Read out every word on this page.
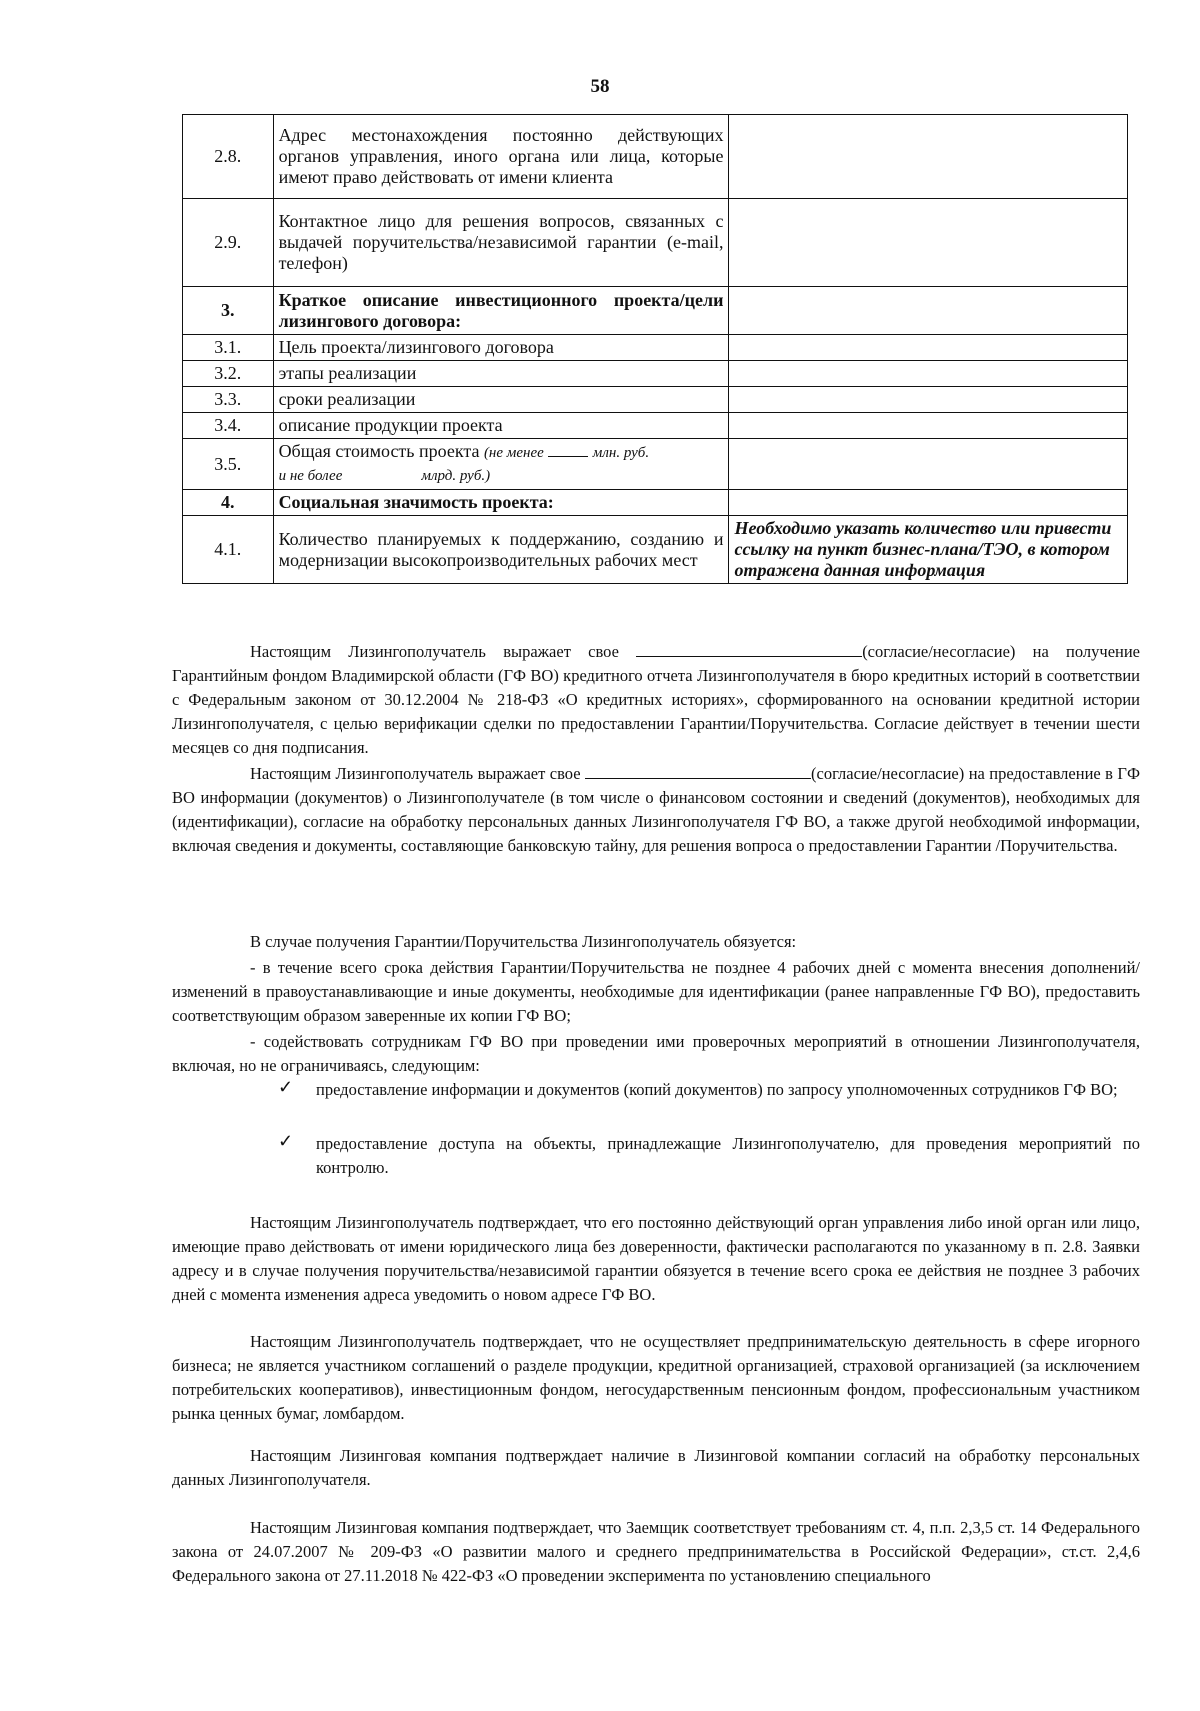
58
2.8.	Адрес местонахождения постоянно действующих органов управления, иного органа или лица, которые имеют право действовать от имени клиента	
2.9.	Контактное лицо для решения вопросов, связанных с выдачей поручительства/независимой гарантии (e-mail, телефон)	
3.	Краткое описание инвестиционного проекта/цели лизингового договора:	
3.1.	Цель проекта/лизингового договора	
3.2.	этапы реализации	
3.3.	сроки реализации	
3.4.	описание продукции проекта	
3.5.	Общая стоимость проекта (не менее млн. руб.
и не более млрд. руб.)	
4.	Социальная значимость проекта:	
4.1.	Количество планируемых к поддержанию, созданию и модернизации высокопроизводительных рабочих мест	Необходимо указать количество или привести ссылку на пункт бизнес-плана/ТЭО, в котором отражена данная информация

Настоящим Лизингополучатель выражает свое	(согласие/несогласие) на получение Гарантийным фондом Владимирской области (ГФ ВО) кредитного отчета Лизингополучателя в бюро кредитных историй в соответствии с Федеральным законом от 30.12.2004 № 218-ФЗ «О кредитных историях», сформированного на основании кредитной истории Лизингополучателя, с целью верификации сделки по предоставлении Гарантии/Поручительства. Согласие действует в течении шести месяцев со дня подписания.

Настоящим Лизингополучатель выражает свое	(согласие/несогласие) на предоставление в ГФ ВО информации (документов) о Лизингополучателе (в том числе о финансовом состоянии и сведений (документов), необходимых для (идентификации), согласие на обработку персональных данных Лизингополучателя ГФ ВО, а также другой необходимой информации, включая сведения и документы, составляющие банковскую тайну, для решения вопроса о предоставлении Гарантии /Поручительства.

В случае получения Гарантии/Поручительства Лизингополучатель обязуется:

- в течение всего срока действия Гарантии/Поручительства не позднее 4 рабочих дней с момента внесения дополнений/изменений в правоустанавливающие и иные документы, необходимые для идентификации (ранее направленные ГФ ВО), предоставить соответствующим образом заверенные их копии ГФ ВО;

- содействовать сотрудникам ГФ ВО при проведении ими проверочных мероприятий в отношении Лизингополучателя, включая, но не ограничиваясь, следующим:

✓ предоставление информации и документов (копий документов) по запросу уполномоченных сотрудников ГФ ВО;

✓ предоставление доступа на объекты, принадлежащие Лизингополучателю, для проведения мероприятий по контролю.

Настоящим Лизингополучатель подтверждает, что его постоянно действующий орган управления либо иной орган или лицо, имеющие право действовать от имени юридического лица без доверенности, фактически располагаются по указанному в п. 2.8. Заявки адресу и в случае получения поручительства/независимой гарантии обязуется в течение всего срока ее действия не позднее 3 рабочих дней с момента изменения адреса уведомить о новом адресе ГФ ВО.

Настоящим Лизингополучатель подтверждает, что не осуществляет предпринимательскую деятельность в сфере игорного бизнеса; не является участником соглашений о разделе продукции, кредитной организацией, страховой организацией (за исключением потребительских кооперативов), инвестиционным фондом, негосударственным пенсионным фондом, профессиональным участником рынка ценных бумаг, ломбардом.

Настоящим Лизинговая компания подтверждает наличие в Лизинговой компании согласий на обработку персональных данных Лизингополучателя.

Настоящим Лизинговая компания подтверждает, что Заемщик соответствует требованиям ст. 4, п.п. 2,3,5 ст. 14 Федерального закона от 24.07.2007 № 209-ФЗ «О развитии малого и среднего предпринимательства в Российской Федерации», ст.ст. 2,4,6 Федерального закона от 27.11.2018 № 422-ФЗ «О проведении эксперимента по установлению специального
